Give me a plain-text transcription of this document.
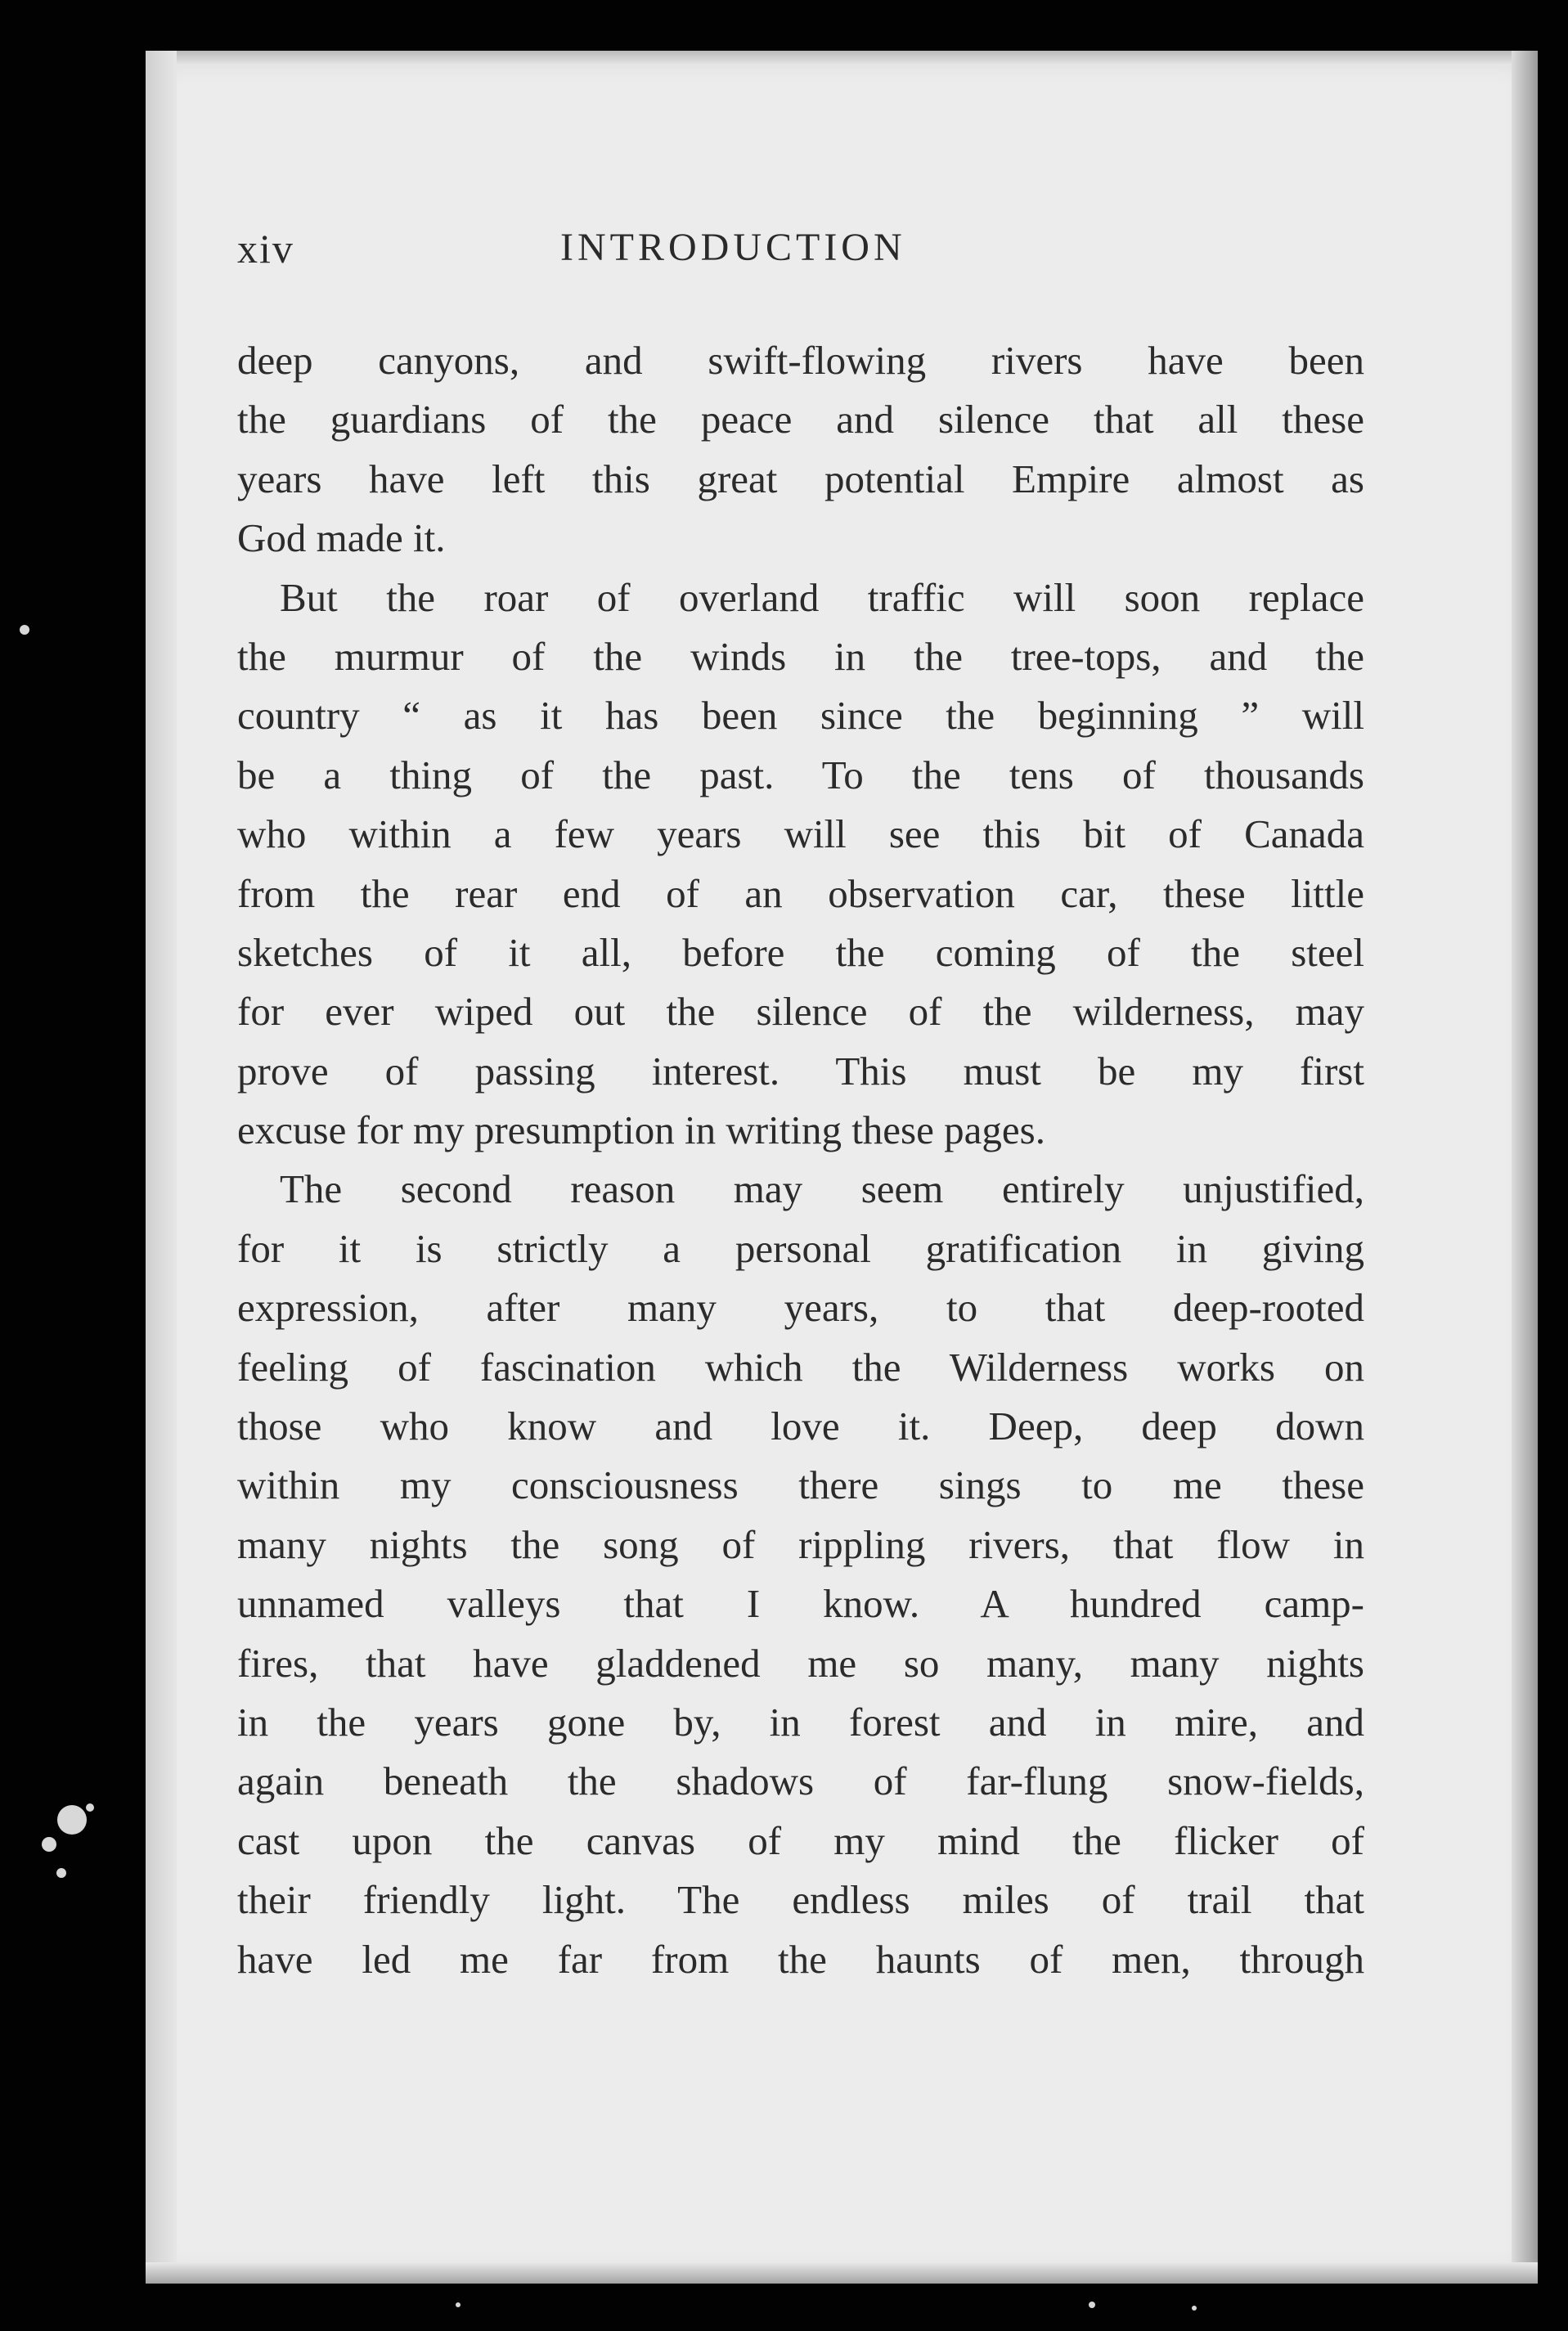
xiv	INTRODUCTION
deep canyons, and swift-flowing rivers have been
the guardians of the peace and silence that all these
years have left this great potential Empire almost as
God made it.
But the roar of overland traffic will soon replace
the murmur of the winds in the tree-tops, and the
country “ as it has been since the beginning ” will
be a thing of the past. To the tens of thousands
who within a few years will see this bit of Canada
from the rear end of an observation car, these little
sketches of it all, before the coming of the steel
for ever wiped out the silence of the wilderness, may
prove of passing interest. This must be my first
excuse for my presumption in writing these pages.
The second reason may seem entirely unjustified,
for it is strictly a personal gratification in giving
expression, after many years, to that deep-rooted
feeling of fascination which the Wilderness works on
those who know and love it. Deep, deep down
within my consciousness there sings to me these
many nights the song of rippling rivers, that flow in
unnamed valleys that I know. A hundred camp-
fires, that have gladdened me so many, many nights
in the years gone by, in forest and in mire, and
again beneath the shadows of far-flung snow-fields,
cast upon the canvas of my mind the flicker of
their friendly light. The endless miles of trail that
have led me far from the haunts of men, through
